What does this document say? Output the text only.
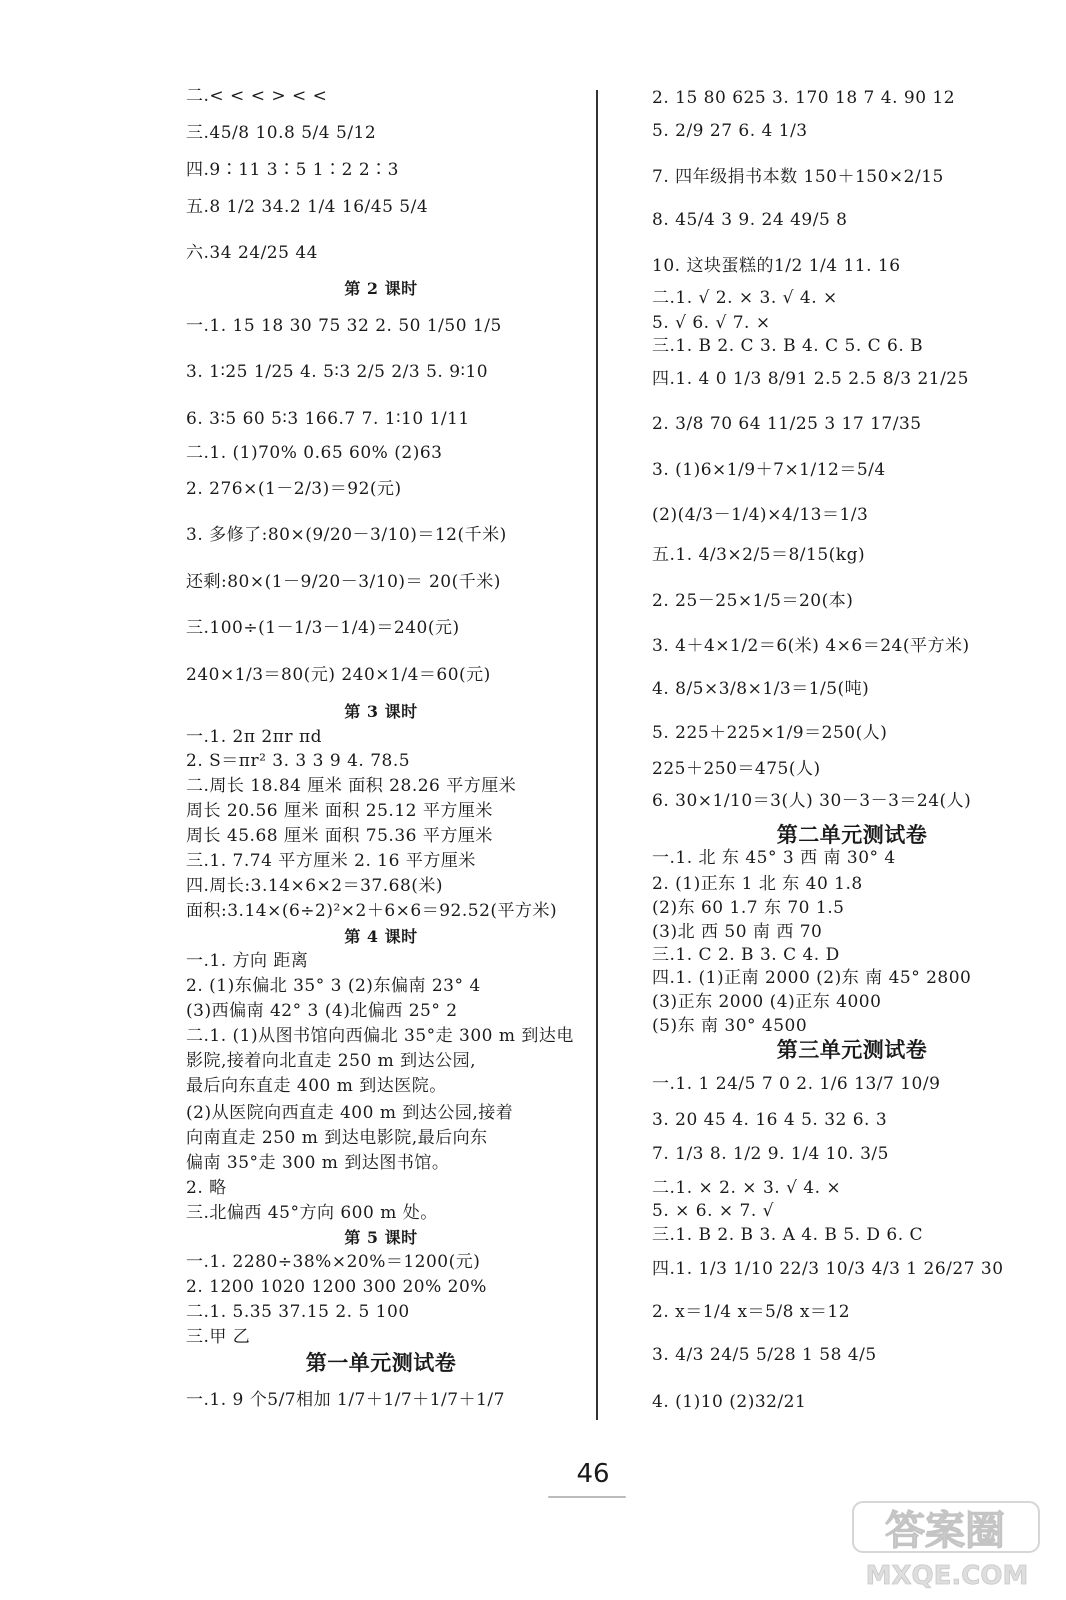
二.< < < > < <
三.45/8 10.8 5/4 5/12
四.9∶11 3∶5 1∶2 2∶3
五.8 1/2 34.2 1/4 16/45 5/4
六.34 24/25 44
第 2 课时
一.1. 15 18 30 75 32 2. 50 1/50 1/5
3. 1∶25 1/25 4. 5∶3 2/5 2/3 5. 9∶10
6. 3∶5 60 5∶3 166.7 7. 1∶10 1/11
二.1. (1)70% 0.65 60% (2)63
2. 276×(1－2/3)＝92(元)
3. 多修了:80×(9/20－3/10)＝12(千米)
还剩:80×(1－9/20－3/10)＝ 20(千米)
三.100÷(1－1/3－1/4)＝240(元)
240×1/3＝80(元) 240×1/4＝60(元)
第 3 课时
一.1. 2π 2πr πd
2. S＝πr² 3. 3 3 9 4. 78.5
二.周长 18.84 厘米 面积 28.26 平方厘米
周长 20.56 厘米 面积 25.12 平方厘米
周长 45.68 厘米 面积 75.36 平方厘米
三.1. 7.74 平方厘米 2. 16 平方厘米
四.周长:3.14×6×2＝37.68(米)
面积:3.14×(6÷2)²×2＋6×6＝92.52(平方米)
第 4 课时
一.1. 方向 距离
2. (1)东偏北 35° 3 (2)东偏南 23° 4
(3)西偏南 42° 3 (4)北偏西 25° 2
二.1. (1)从图书馆向西偏北 35°走 300 m 到达电
影院,接着向北直走 250 m 到达公园,
最后向东直走 400 m 到达医院。
(2)从医院向西直走 400 m 到达公园,接着
向南直走 250 m 到达电影院,最后向东
偏南 35°走 300 m 到达图书馆。
2. 略
三.北偏西 45°方向 600 m 处。
第 5 课时
一.1. 2280÷38%×20%＝1200(元)
2. 1200 1020 1200 300 20% 20%
二.1. 5.35 37.15 2. 5 100
三.甲 乙
第一单元测试卷
一.1. 9 个5/7相加 1/7＋1/7＋1/7＋1/7
2. 15 80 625 3. 170 18 7 4. 90 12
5. 2/9 27 6. 4 1/3
7. 四年级捐书本数 150＋150×2/15
8. 45/4 3 9. 24 49/5 8
10. 这块蛋糕的1/2 1/4 11. 16
二.1. √ 2. × 3. √ 4. ×
5. √ 6. √ 7. ×
三.1. B 2. C 3. B 4. C 5. C 6. B
四.1. 4 0 1/3 8/91 2.5 2.5 8/3 21/25
2. 3/8 70 64 11/25 3 17 17/35
3. (1)6×1/9＋7×1/12＝5/4
(2)(4/3－1/4)×4/13＝1/3
五.1. 4/3×2/5＝8/15(kg)
2. 25－25×1/5＝20(本)
3. 4＋4×1/2＝6(米) 4×6＝24(平方米)
4. 8/5×3/8×1/3＝1/5(吨)
5. 225＋225×1/9＝250(人)
225＋250＝475(人)
6. 30×1/10＝3(人) 30－3－3＝24(人)
第二单元测试卷
一.1. 北 东 45° 3 西 南 30° 4
2. (1)正东 1 北 东 40 1.8
(2)东 60 1.7 东 70 1.5
(3)北 西 50 南 西 70
三.1. C 2. B 3. C 4. D
四.1. (1)正南 2000 (2)东 南 45° 2800
(3)正东 2000 (4)正东 4000
(5)东 南 30° 4500
第三单元测试卷
一.1. 1 24/5 7 0 2. 1/6 13/7 10/9
3. 20 45 4. 16 4 5. 32 6. 3
7. 1/3 8. 1/2 9. 1/4 10. 3/5
二.1. × 2. × 3. √ 4. ×
5. × 6. × 7. √
三.1. B 2. B 3. A 4. B 5. D 6. C
四.1. 1/3 1/10 22/3 10/3 4/3 1 26/27 30
2. x＝1/4 x＝5/8 x＝12
3. 4/3 24/5 5/28 1 58 4/5
4. (1)10 (2)32/21
46
答案圈
MXQE.COM
